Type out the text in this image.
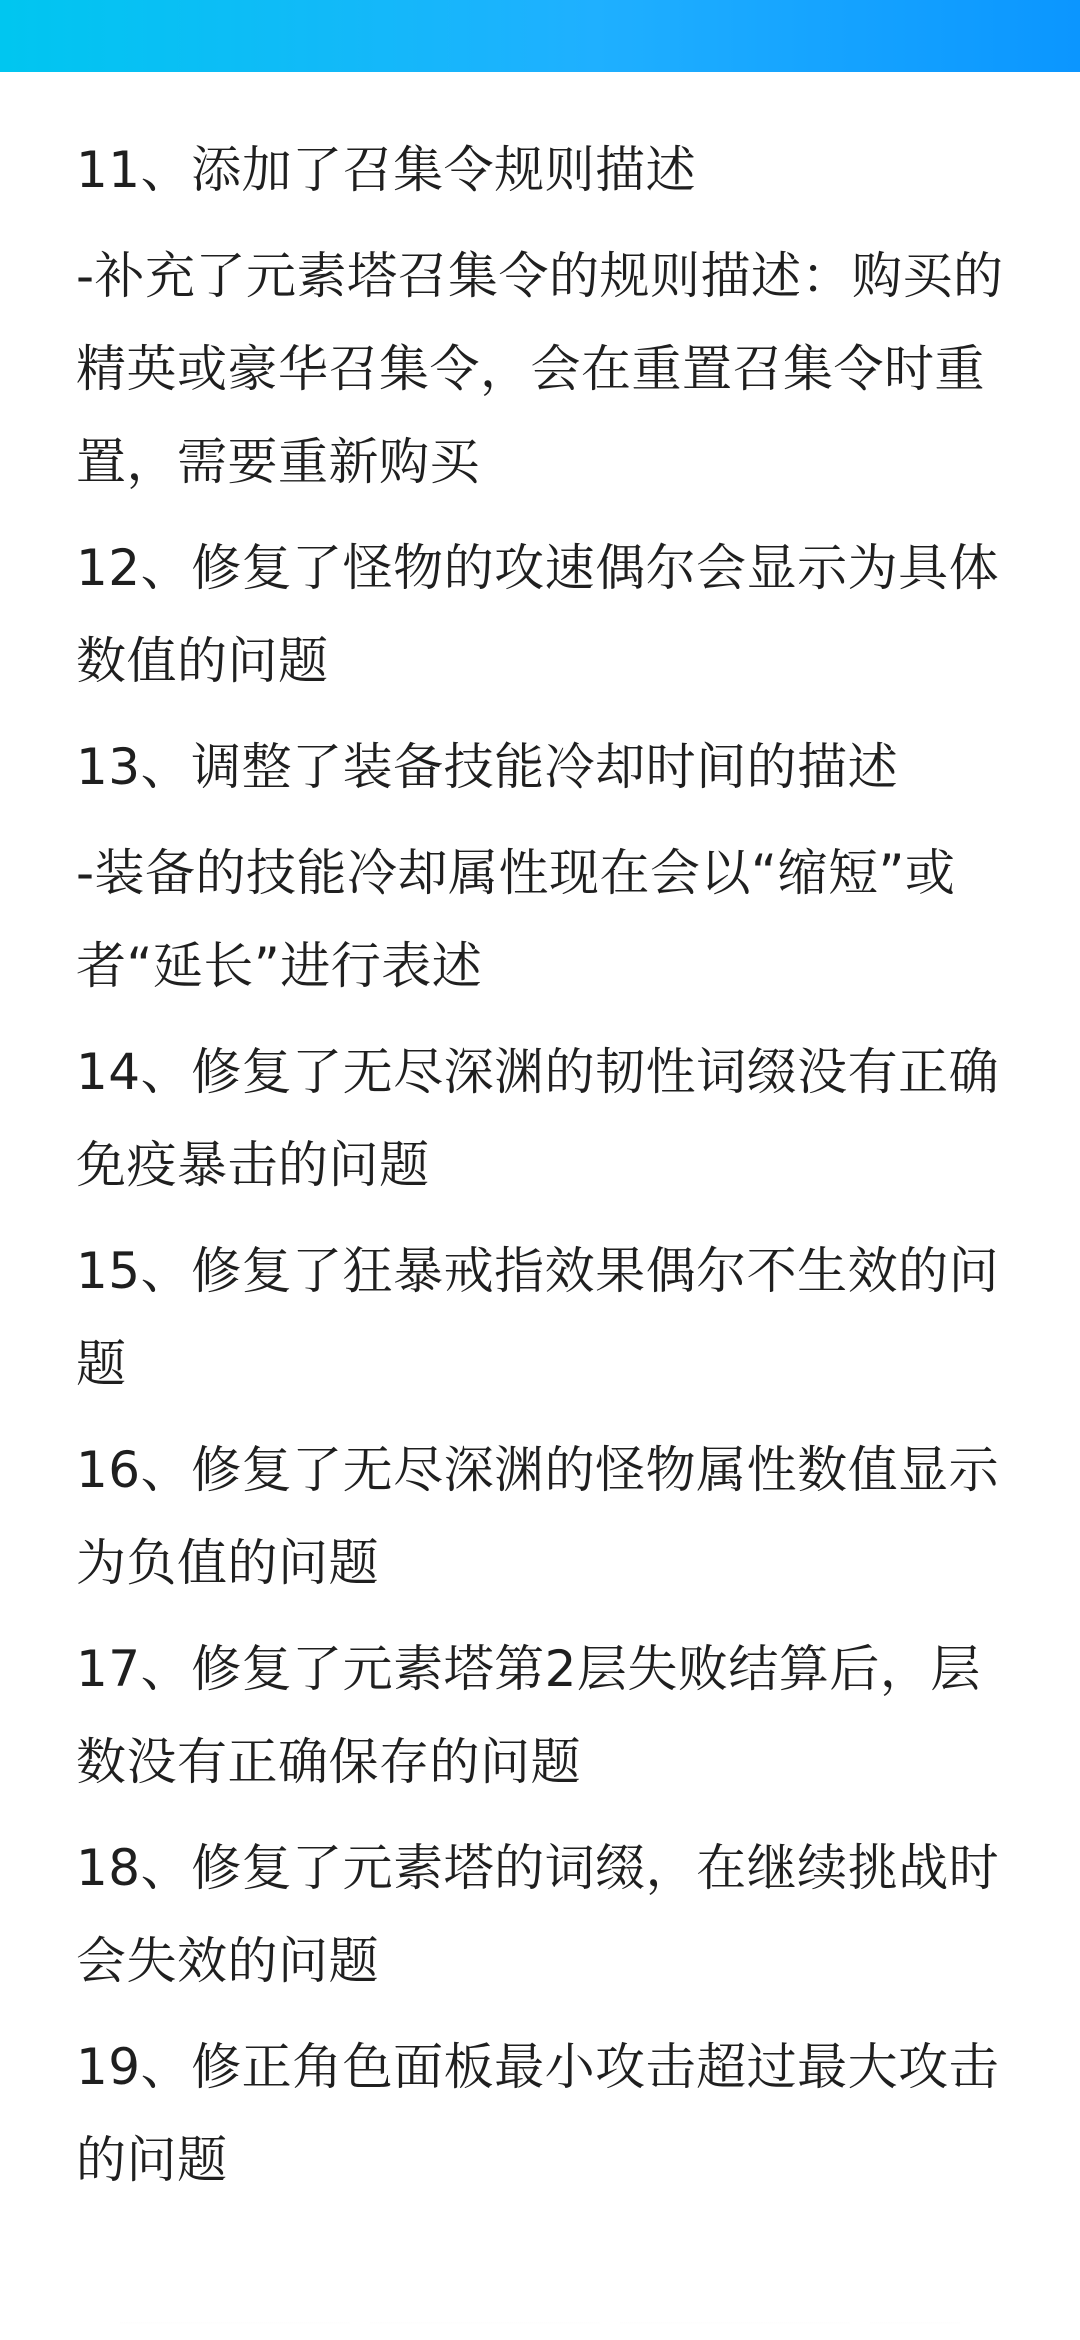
11、添加了召集令规则描述

-补充了元素塔召集令的规则描述：购买的精英或豪华召集令，会在重置召集令时重置，需要重新购买

12、修复了怪物的攻速偶尔会显示为具体数值的问题

13、调整了装备技能冷却时间的描述

-装备的技能冷却属性现在会以“缩短”或者“延长”进行表述

14、修复了无尽深渊的韧性词缀没有正确免疫暴击的问题

15、修复了狂暴戒指效果偶尔不生效的问题

16、修复了无尽深渊的怪物属性数值显示为负值的问题

17、修复了元素塔第2层失败结算后，层数没有正确保存的问题

18、修复了元素塔的词缀，在继续挑战时会失效的问题

19、修正角色面板最小攻击超过最大攻击的问题
